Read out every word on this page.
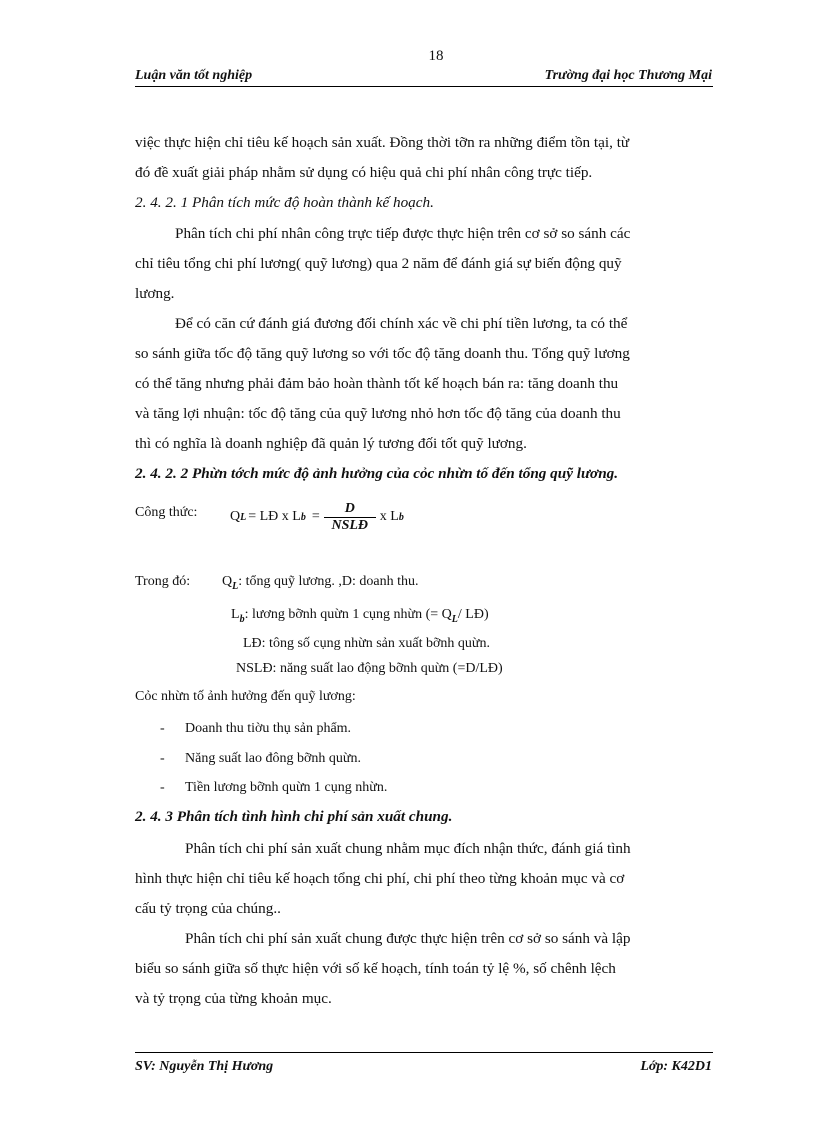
18
Luận văn tốt nghiệp	Trường đại học Thương Mại
việc thực hiện chỉ tiêu kế hoạch sản xuất. Đồng thời tỡn ra những điểm tồn tại, từ
đó đề xuất giải pháp nhằm sử dụng có hiệu quả chi phí nhân công trực tiếp.
2. 4. 2. 1 Phân tích mức độ hoàn thành kế hoạch.
Phân tích chi phí nhân công trực tiếp được thực hiện trên cơ sở so sánh các
chỉ tiêu tổng chi phí lương( quỹ lương) qua 2 năm để đánh giá sự biến động quỹ
lương.
Để có căn cứ đánh giá đương đối chính xác về chi phí tiền lương, ta có thể
so sánh giữa tốc độ tăng quỹ lương so với tốc độ tăng doanh thu. Tổng quỹ lương
có thể tăng nhưng phải đảm bảo hoàn thành tốt kế hoạch bán ra: tăng doanh thu
và tăng lợi nhuận: tốc độ tăng của quỹ lương nhỏ hơn tốc độ tăng của doanh thu
thì có nghĩa là doanh nghiệp đã quản lý tương đối tốt quỹ lương.
2. 4. 2. 2 Phừn tớch mức độ ảnh hưởng của cỏc nhừn tố đến tổng quỹ lương.
Công thức: Q L = LĐ x L $b = \frac{D}{\text{NSLĐ}}$ x L b
Trong đó: $Q_L$: tổng quỹ lương. ,D: doanh thu.
$L_b$: lương bỡnh quừn 1 cụng nhừn (= $Q_L/$ LĐ)
LĐ: tông số cụng nhừn sản xuất bỡnh quừn.
NSLĐ: năng suất lao động bỡnh quừn (=D/LĐ)
Cỏc nhừn tố ảnh hưởng đến quỹ lương:
- Doanh thu tiờu thụ sản phẩm.
- Năng suất lao đông bỡnh quừn.
- Tiền lương bỡnh quừn 1 cụng nhừn.
2. 4. 3 Phân tích tình hình chi phí sản xuất chung.
Phân tích chi phí sản xuất chung nhằm mục đích nhận thức, đánh giá tình
hình thực hiện chỉ tiêu kế hoạch tổng chi phí, chi phí theo từng khoản mục và cơ
cấu tỷ trọng của chúng..
Phân tích chi phí sản xuất chung được thực hiện trên cơ sở so sánh và lập
biểu so sánh giữa số thực hiện với số kế hoạch, tính toán tỷ lệ %, số chênh lệch
và tỷ trọng của từng khoản mục.
SV: Nguyễn Thị Hương	Lớp: K42D1
